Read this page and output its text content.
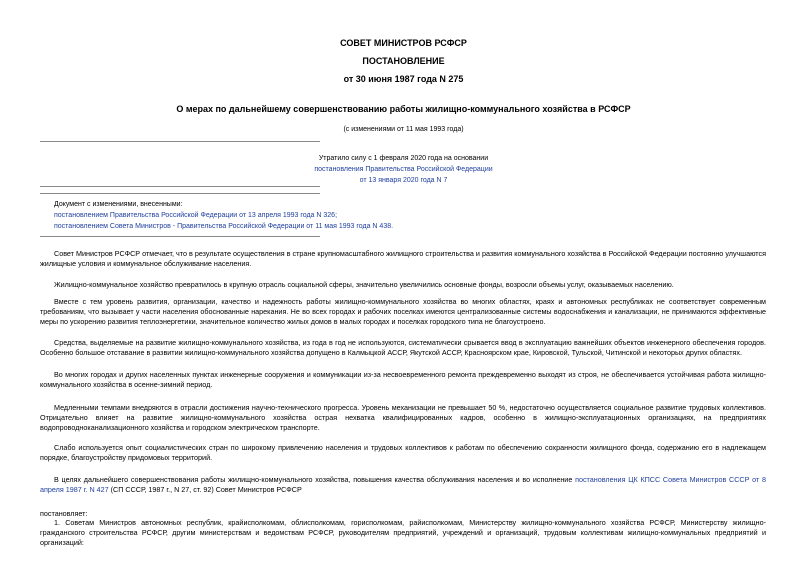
СОВЕТ МИНИСТРОВ РСФСР
ПОСТАНОВЛЕНИЕ
от 30 июня 1987 года N 275
О мерах по дальнейшему совершенствованию работы жилищно-коммунального хозяйства в РСФСР
(с изменениями от 11 мая 1993 года)
Утратило силу с 1 февраля 2020 года на основании
постановления Правительства Российской Федерации
от 13 января 2020 года N 7
Документ с изменениями, внесенными:
постановлением Правительства Российской Федерации от 13 апреля 1993 года N 326;
постановлением Совета Министров - Правительства Российской Федерации от 11 мая 1993 года N 438.
Совет Министров РСФСР отмечает, что в результате осуществления в стране крупномасштабного жилищного строительства и развития коммунального хозяйства в Российской Федерации постоянно улучшаются жилищные условия и коммунальное обслуживание населения.
Жилищно-коммунальное хозяйство превратилось в крупную отрасль социальной сферы, значительно увеличились основные фонды, возросли объемы услуг, оказываемых населению.
Вместе с тем уровень развития, организации, качество и надежность работы жилищно-коммунального хозяйства во многих областях, краях и автономных республиках не соответствует современным требованиям, что вызывает у части населения обоснованные нарекания. Не во всех городах и рабочих поселках имеются централизованные системы водоснабжения и канализации, не принимаются эффективные меры по ускорению развития теплоэнергетики, значительное количество жилых домов в малых городах и поселках городского типа не благоустроено.
Средства, выделяемые на развитие жилищно-коммунального хозяйства, из года в год не используются, систематически срывается ввод в эксплуатацию важнейших объектов инженерного обеспечения городов. Особенно большое отставание в развитии жилищно-коммунального хозяйства допущено в Калмыцкой АССР, Якутской АССР, Красноярском крае, Кировской, Тульской, Читинской и некоторых других областях.
Во многих городах и других населенных пунктах инженерные сооружения и коммуникации из-за несвоевременного ремонта преждевременно выходят из строя, не обеспечивается устойчивая работа жилищно-коммунального хозяйства в осенне-зимний период.
Медленными темпами внедряются в отрасли достижения научно-технического прогресса. Уровень механизации не превышает 50 %, недостаточно осуществляется социальное развитие трудовых коллективов. Отрицательно влияет на развитие жилищно-коммунального хозяйства острая нехватка квалифицированных кадров, особенно в жилищно-эксплуатационных организациях, на предприятиях водопроводноканализационного хозяйства и городском электрическом транспорте.
Слабо используется опыт социалистических стран по широкому привлечению населения и трудовых коллективов к работам по обеспечению сохранности жилищного фонда, содержанию его в надлежащем порядке, благоустройству придомовых территорий.
В целях дальнейшего совершенствования работы жилищно-коммунального хозяйства, повышения качества обслуживания населения и во исполнение постановления ЦК КПСС Совета Министров СССР от 8 апреля 1987 г. N 427 (СП СССР, 1987 г., N 27, ст. 92) Совет Министров РСФСР
постановляет:
1. Советам Министров автономных республик, крайисполкомам, облисполкомам, горисполкомам, райисполкомам, Министерству жилищно-коммунального хозяйства РСФСР, Министерству жилищно-гражданского строительства РСФСР, другим министерствам и ведомствам РСФСР, руководителям предприятий, учреждений и организаций, трудовым коллективам жилищно-коммунальных предприятий и организаций:
